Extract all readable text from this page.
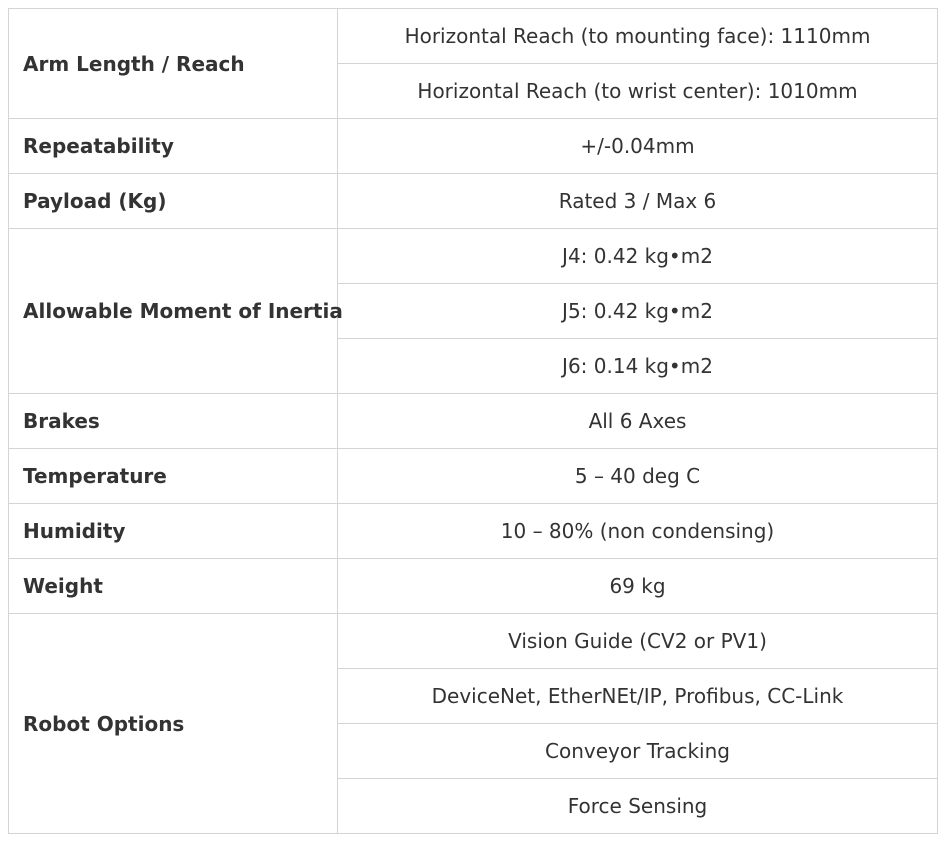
Arm Length / Reach	Horizontal Reach (to mounting face): 1110mm
	Horizontal Reach (to wrist center): 1010mm
Repeatability	+/-0.04mm
Payload (Kg)	Rated 3 / Max 6
Allowable Moment of Inertia	J4: 0.42 kg•m2
	J5: 0.42 kg•m2
	J6: 0.14 kg•m2
Brakes	All 6 Axes
Temperature	5 – 40 deg C
Humidity	10 – 80% (non condensing)
Weight	69 kg
Robot Options	Vision Guide (CV2 or PV1)
	DeviceNet, EtherNEt/IP, Profibus, CC-Link
	Conveyor Tracking
	Force Sensing
